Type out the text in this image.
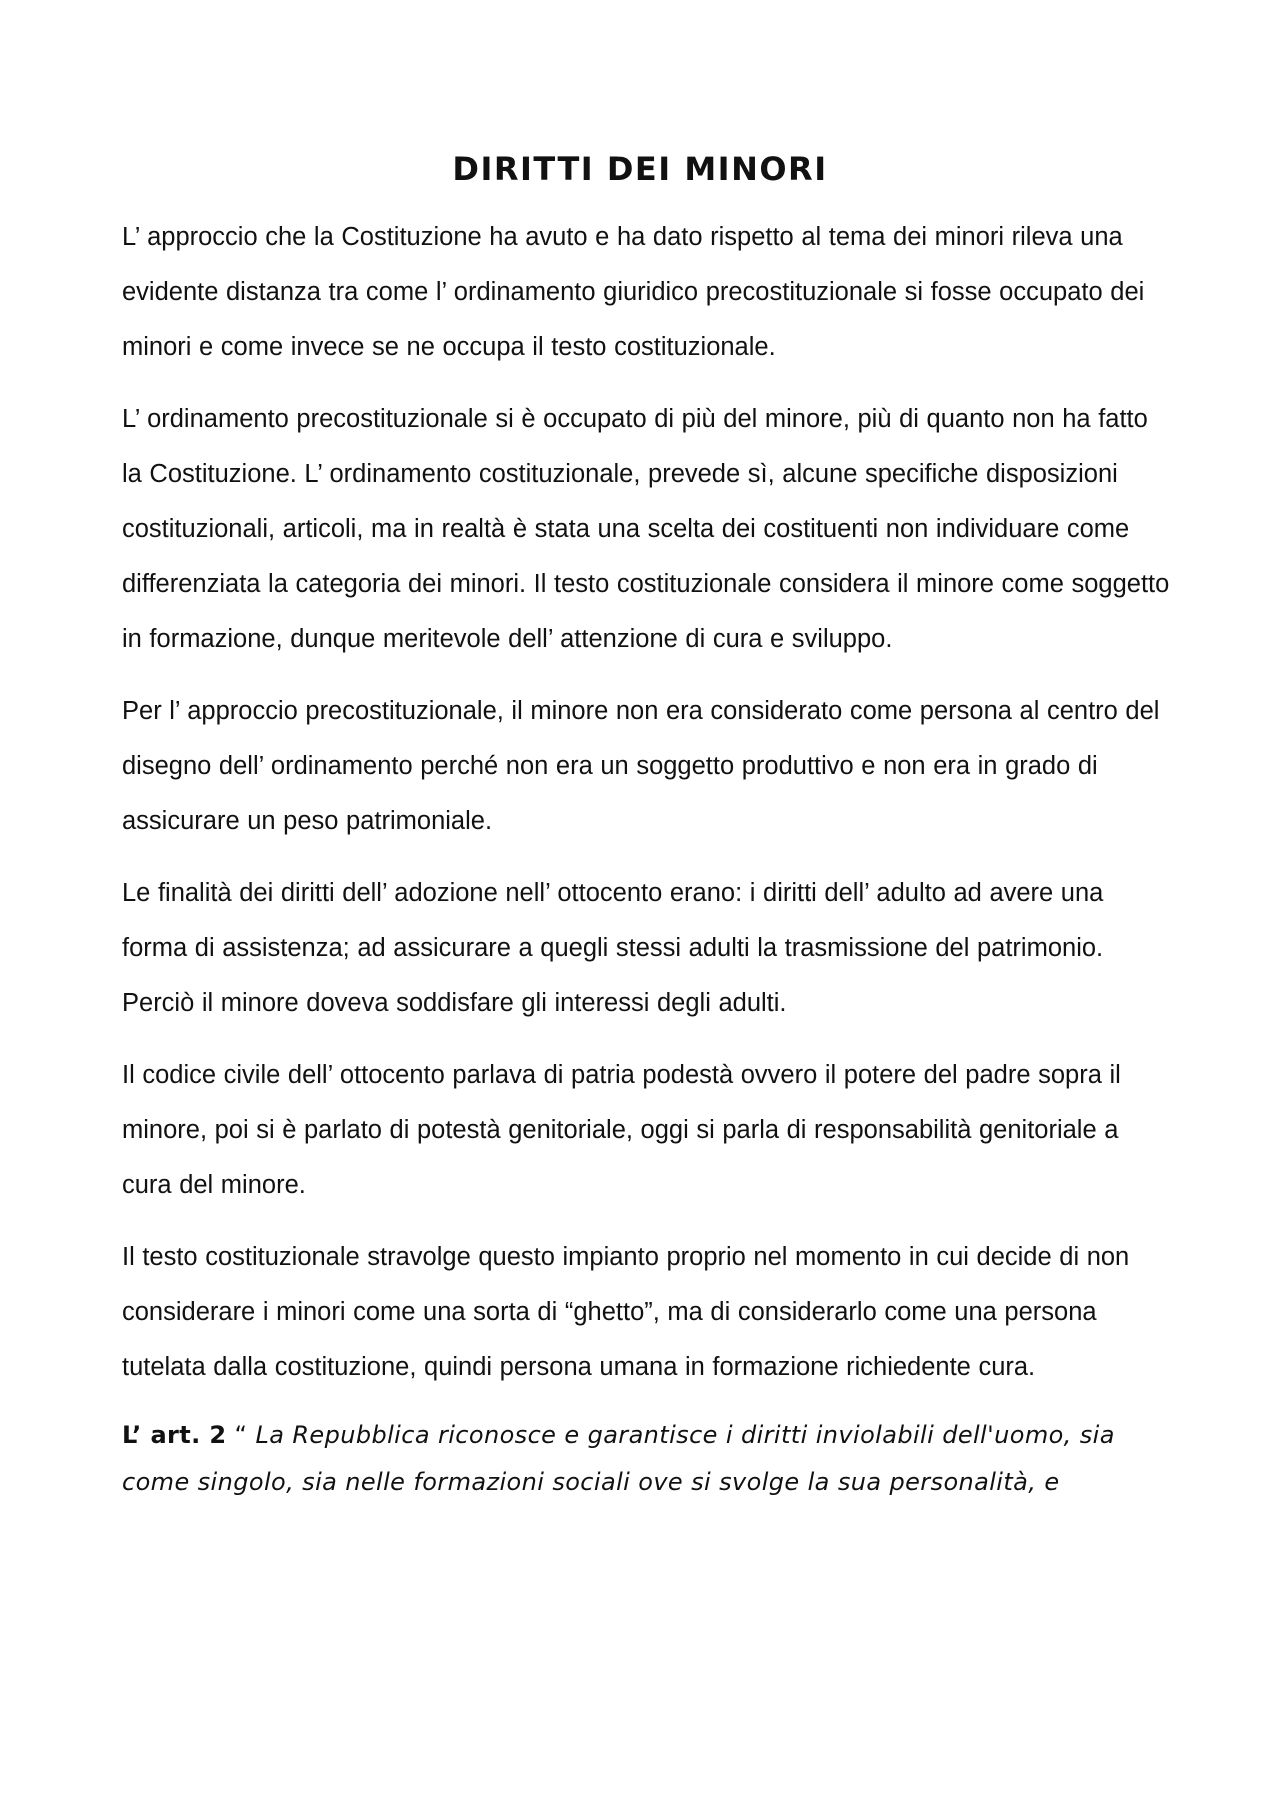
DIRITTI DEI MINORI

L’ approccio che la Costituzione ha avuto e ha dato rispetto al tema dei minori rileva una evidente distanza tra come l’ ordinamento giuridico precostituzionale si fosse occupato dei minori e come invece se ne occupa il testo costituzionale.

L’ ordinamento precostituzionale si è occupato di più del minore, più di quanto non ha fatto la Costituzione. L’ ordinamento costituzionale, prevede sì, alcune specifiche disposizioni costituzionali, articoli, ma in realtà è stata una scelta dei costituenti non individuare come differenziata la categoria dei minori. Il testo costituzionale considera il minore come soggetto in formazione, dunque meritevole dell’ attenzione di cura e sviluppo.

Per l’ approccio precostituzionale, il minore non era considerato come persona al centro del disegno dell’ ordinamento perché non era un soggetto produttivo e non era in grado di assicurare un peso patrimoniale.

Le finalità dei diritti dell’ adozione nell’ ottocento erano: i diritti dell’ adulto ad avere una forma di assistenza; ad assicurare a quegli stessi adulti la trasmissione del patrimonio. Perciò il minore doveva soddisfare gli interessi degli adulti.

Il codice civile dell’ ottocento parlava di patria podestà ovvero il potere del padre sopra il minore, poi si è parlato di potestà genitoriale, oggi si parla di responsabilità genitoriale a cura del minore.

Il testo costituzionale stravolge questo impianto proprio nel momento in cui decide di non considerare i minori come una sorta di “ghetto”, ma di considerarlo come una persona tutelata dalla costituzione, quindi persona umana in formazione richiedente cura.

L’ art. 2 “ La Repubblica riconosce e garantisce i diritti inviolabili dell'uomo, sia come singolo, sia nelle formazioni sociali ove si svolge la sua personalità, e
